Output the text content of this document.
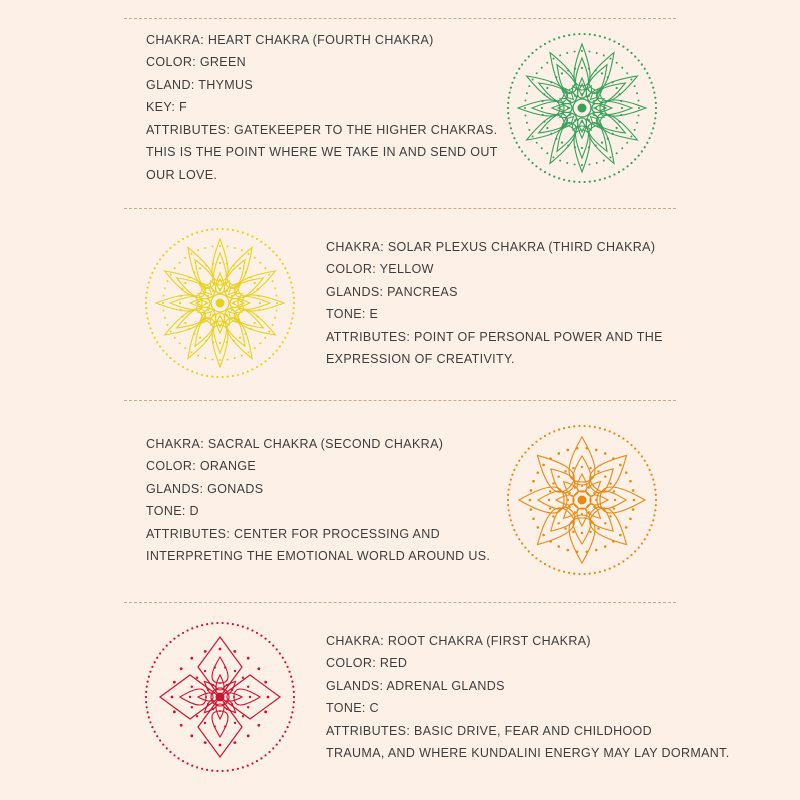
CHAKRA: HEART CHAKRA (FOURTH CHAKRA)
COLOR: GREEN
GLAND: THYMUS
KEY: F
ATTRIBUTES: GATEKEEPER TO THE HIGHER CHAKRAS.
THIS IS THE POINT WHERE WE TAKE IN AND SEND OUT
OUR LOVE.
CHAKRA: SOLAR PLEXUS CHAKRA (THIRD CHAKRA)
COLOR: YELLOW
GLANDS: PANCREAS
TONE: E
ATTRIBUTES: POINT OF PERSONAL POWER AND THE
EXPRESSION OF CREATIVITY.
CHAKRA: SACRAL CHAKRA (SECOND CHAKRA)
COLOR: ORANGE
GLANDS: GONADS
TONE: D
ATTRIBUTES: CENTER FOR PROCESSING AND
INTERPRETING THE EMOTIONAL WORLD AROUND US.
CHAKRA: ROOT CHAKRA (FIRST CHAKRA)
COLOR: RED
GLANDS: ADRENAL GLANDS
TONE: C
ATTRIBUTES: BASIC DRIVE, FEAR AND CHILDHOOD
TRAUMA, AND WHERE KUNDALINI ENERGY MAY LAY DORMANT.
